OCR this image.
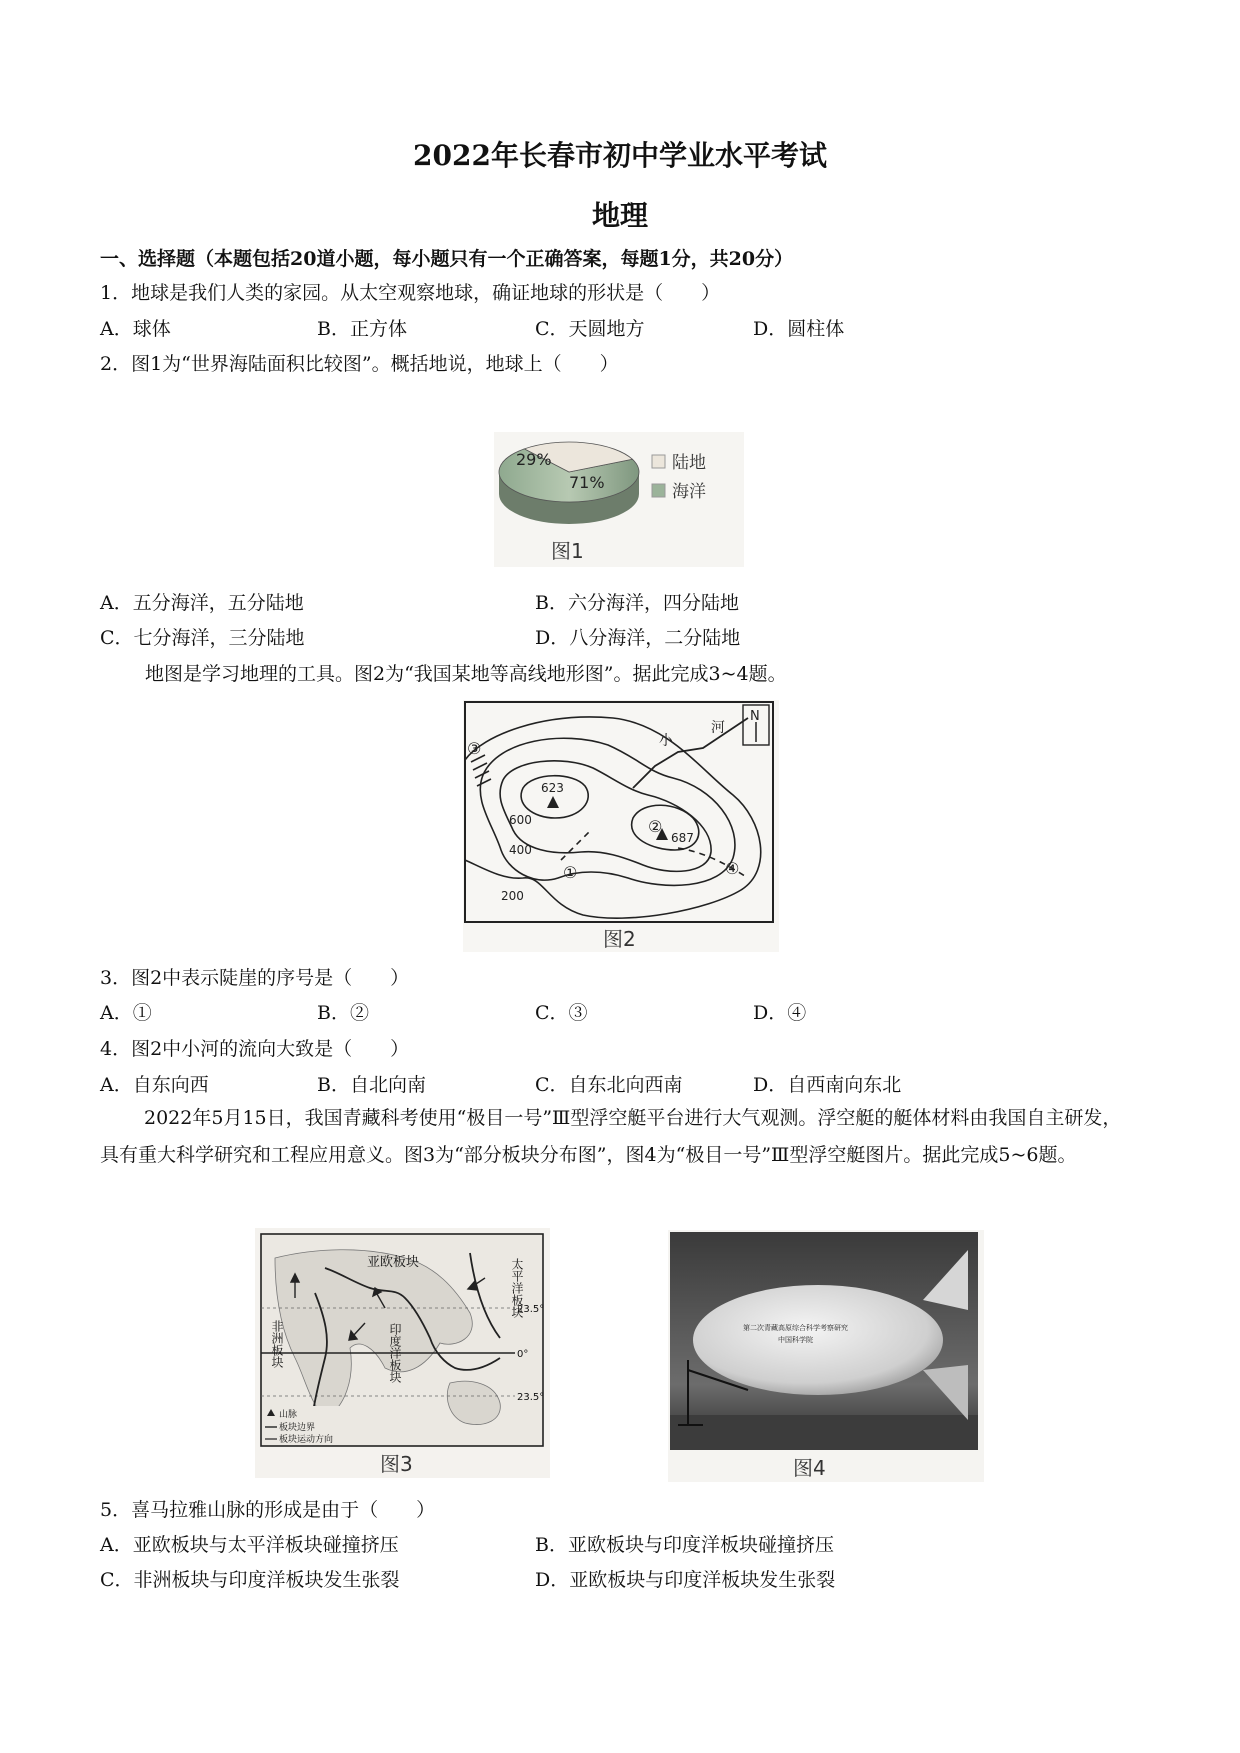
2022年长春市初中学业水平考试
地理
一、选择题（本题包括20道小题，每小题只有一个正确答案，每题1分，共20分）
1．地球是我们人类的家园。从太空观察地球，确证地球的形状是（　　）
A．球体	B．正方体	C．天圆地方	D．圆柱体
2．图1为“世界海陆面积比较图”。概括地说，地球上（　　）
29%
71%
陆地
海洋
图1
A．五分海洋，五分陆地	B．六分海洋，四分陆地
C．七分海洋，三分陆地	D．八分海洋，二分陆地
地图是学习地理的工具。图2为“我国某地等高线地形图”。据此完成3~4题。
N
河
小
623
687
600
400
200
①
②
③
④
图2
3．图2中表示陡崖的序号是（　　）
A．①	B．②	C．③	D．④
4．图2中小河的流向大致是（　　）
A．自东向西	B．自北向南	C．自东北向西南	D．自西南向东北

2022年5月15日，我国青藏科考使用“极目一号”Ⅲ型浮空艇平台进行大气观测。浮空艇的艇体材料由我国自主研发，具有重大科学研究和工程应用意义。图3为“部分板块分布图”，图4为“极目一号”Ⅲ型浮空艇图片。据此完成5~6题。

亚欧板块	太平洋板块
非洲板块	印度洋板块
23.5°
0°
23.5°
山脉
板块边界
板块运动方向
图3
第二次青藏高原综合科学考察研究
中国科学院
图4
5．喜马拉雅山脉的形成是由于（　　）
A．亚欧板块与太平洋板块碰撞挤压	B．亚欧板块与印度洋板块碰撞挤压
C．非洲板块与印度洋板块发生张裂	D．亚欧板块与印度洋板块发生张裂
